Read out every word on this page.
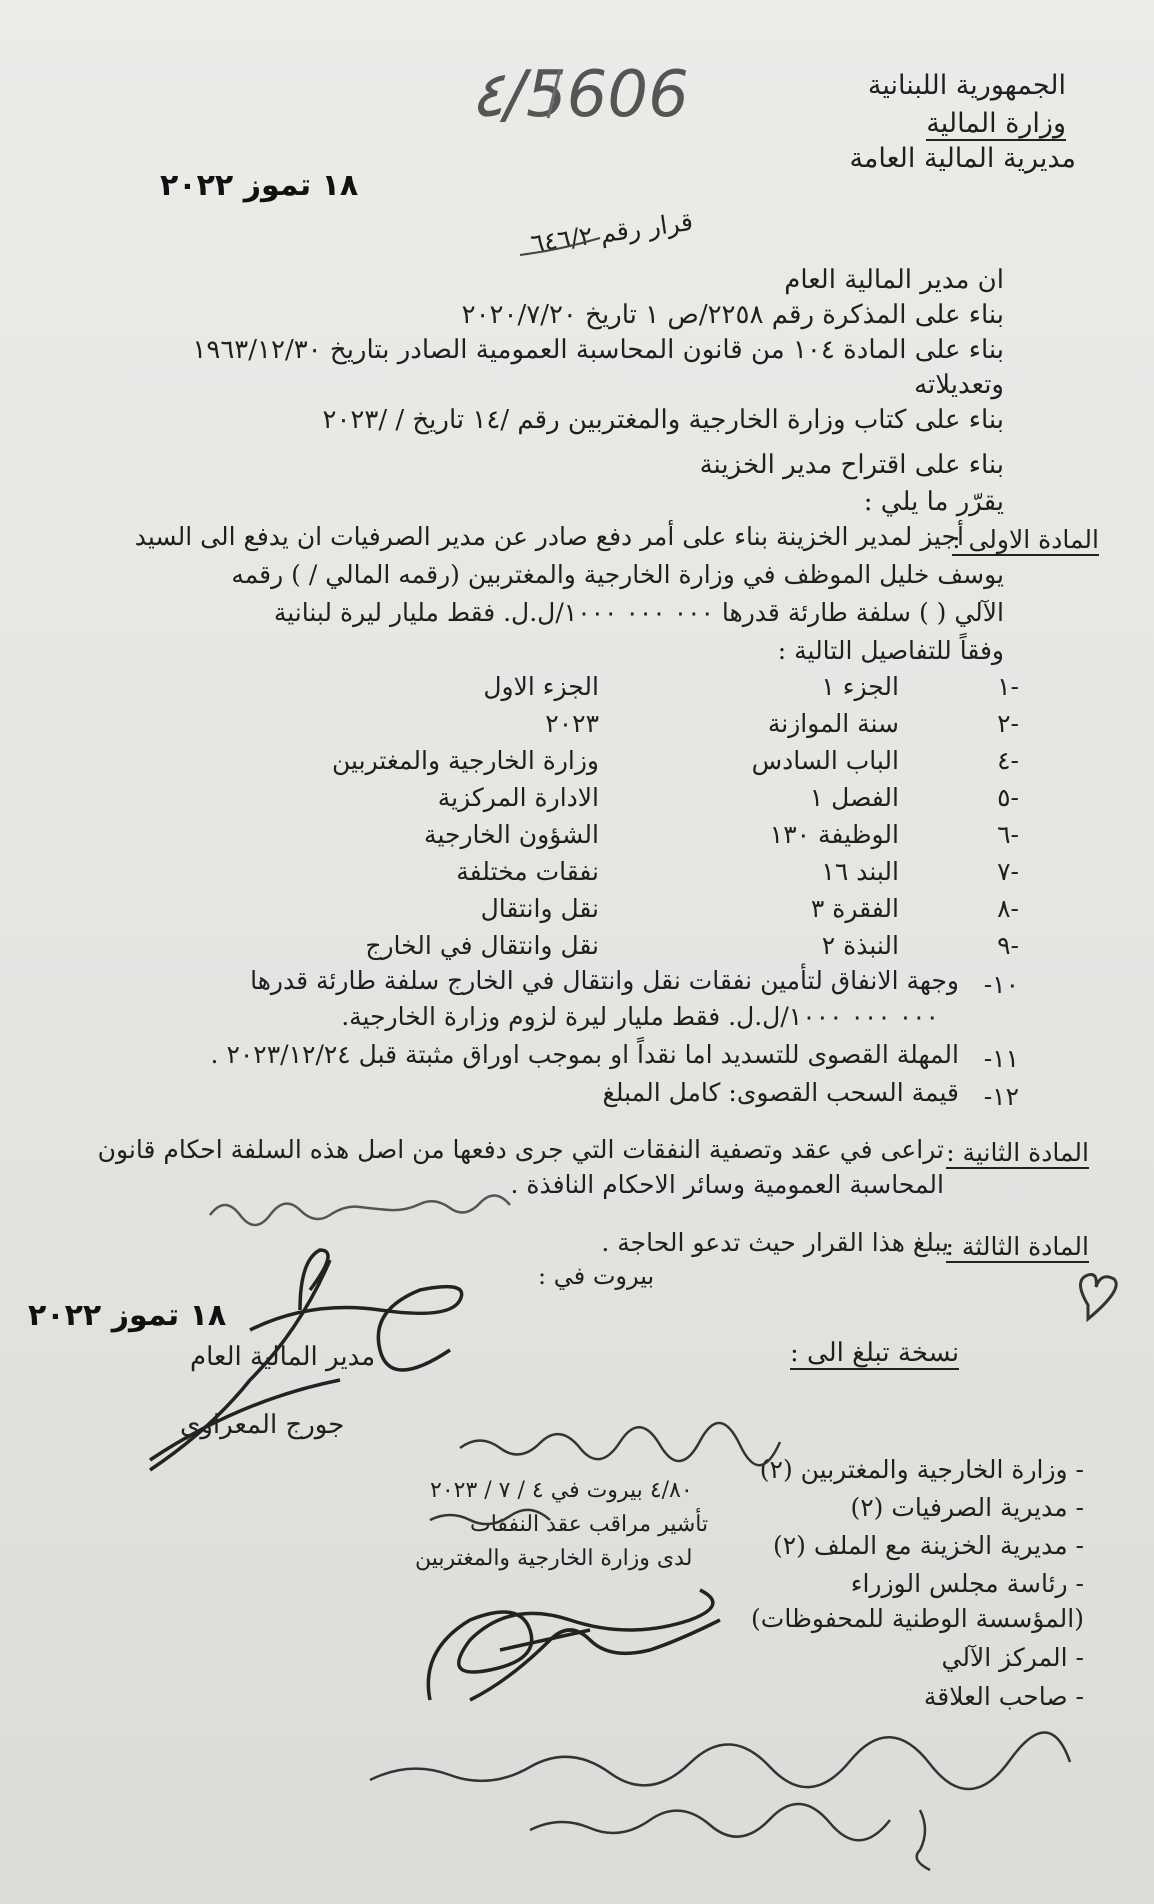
الجمهورية اللبنانية
وزارة المالية
مديرية المالية العامة
٤/5606
١٨ تموز ٢٠٢٢
قرار رقم ٦٤٦/٢
ان مدير المالية العام
بناء على المذكرة رقم ٢٢٥٨/ص ١ تاريخ ٢٠٢٠/٧/٢٠
بناء على المادة ١٠٤ من قانون المحاسبة العمومية الصادر بتاريخ ١٩٦٣/١٢/٣٠
وتعديلاته
بناء على كتاب وزارة الخارجية والمغتربين رقم /١٤ تاريخ / /٢٠٢٣
بناء على اقتراح مدير الخزينة
يقرّر ما يلي :
المادة الاولى :
أجيز لمدير الخزينة بناء على أمر دفع صادر عن مدير الصرفيات ان يدفع الى السيد
يوسف خليل الموظف في وزارة الخارجية والمغتربين (رقمه المالي / ) رقمه
الآلي ( ) سلفة طارئة قدرها ٠٠٠ ٠٠٠ ١٠٠٠/ل.ل. فقط مليار ليرة لبنانية
وفقاً للتفاصيل التالية :
-١
الجزء ١
الجزء الاول
-٢
سنة الموازنة
٢٠٢٣
-٤
الباب السادس
وزارة الخارجية والمغتربين
-٥
الفصل ١
الادارة المركزية
-٦
الوظيفة ١٣٠
الشؤون الخارجية
-٧
البند ١٦
نفقات مختلفة
-٨
الفقرة ٣
نقل وانتقال
-٩
النبذة ٢
نقل وانتقال في الخارج
-١٠
وجهة الانفاق لتأمين نفقات نقل وانتقال في الخارج سلفة طارئة قدرها
٠٠٠ ٠٠٠ ١٠٠٠/ل.ل. فقط مليار ليرة لزوم وزارة الخارجية.
-١١
المهلة القصوى للتسديد اما نقداً او بموجب اوراق مثبتة قبل ٢٠٢٣/١٢/٢٤ .
-١٢
قيمة السحب القصوى: كامل المبلغ
المادة الثانية :
تراعى في عقد وتصفية النفقات التي جرى دفعها من اصل هذه السلفة احكام قانون
المحاسبة العمومية وسائر الاحكام النافذة .
المادة الثالثة :
يبلغ هذا القرار حيث تدعو الحاجة .
بيروت في :
١٨ تموز ٢٠٢٢
مدير المالية العام
جورج المعراوي
نسخة تبلغ الى :
- وزارة الخارجية والمغتربين (٢)
- مديرية الصرفيات (٢)
- مديرية الخزينة مع الملف (٢)
- رئاسة مجلس الوزراء
(المؤسسة الوطنية للمحفوظات)
- المركز الآلي
- صاحب العلاقة
٤/٨٠ بيروت في ٤ / ٧ / ٢٠٢٣
تأشير مراقب عقد النفقات
لدى وزارة الخارجية والمغتربين
